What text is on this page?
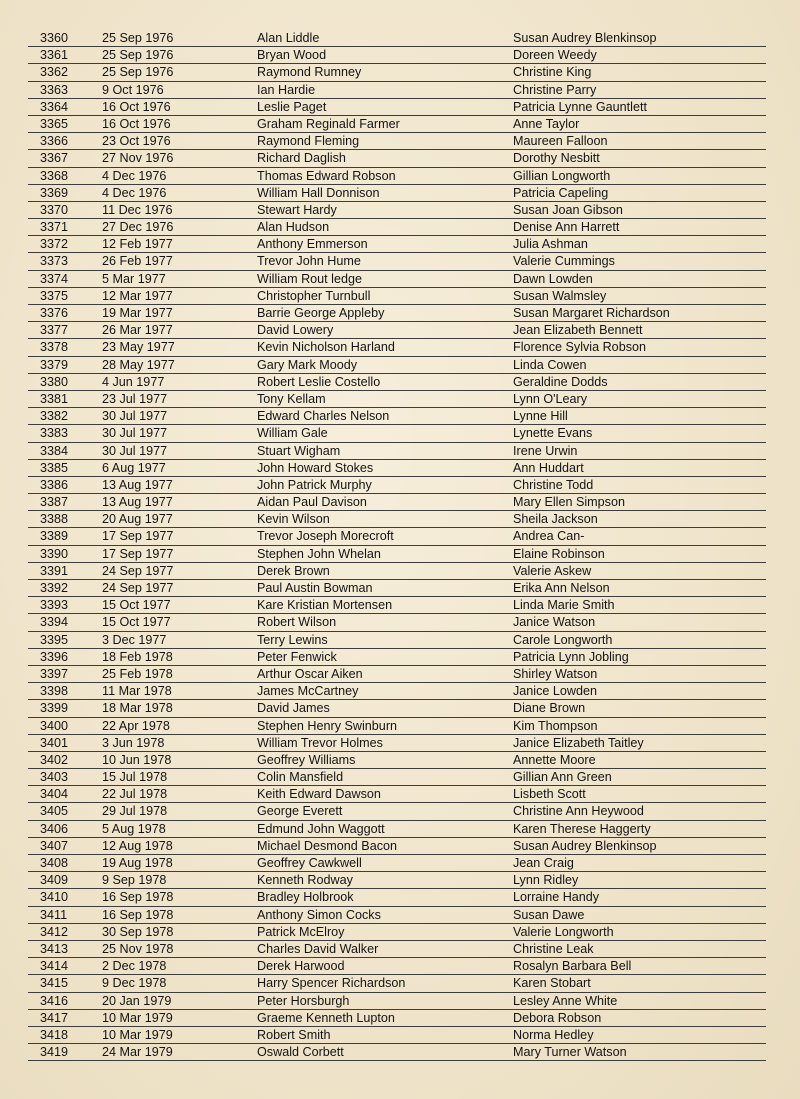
3360	25 Sep 1976	Alan Liddle	Susan Audrey Blenkinsop
3361	25 Sep 1976	Bryan Wood	Doreen Weedy
3362	25 Sep 1976	Raymond Rumney	Christine King
3363	9 Oct 1976	Ian Hardie	Christine Parry
3364	16 Oct 1976	Leslie Paget	Patricia Lynne Gauntlett
3365	16 Oct 1976	Graham Reginald Farmer	Anne Taylor
3366	23 Oct 1976	Raymond Fleming	Maureen Falloon
3367	27 Nov 1976	Richard Daglish	Dorothy Nesbitt
3368	4 Dec 1976	Thomas Edward Robson	Gillian Longworth
3369	4 Dec 1976	William Hall Donnison	Patricia Capeling
3370	11 Dec 1976	Stewart Hardy	Susan Joan Gibson
3371	27 Dec 1976	Alan Hudson	Denise Ann Harrett
3372	12 Feb 1977	Anthony Emmerson	Julia Ashman
3373	26 Feb 1977	Trevor John Hume	Valerie Cummings
3374	5 Mar 1977	William Rout ledge	Dawn Lowden
3375	12 Mar 1977	Christopher Turnbull	Susan Walmsley
3376	19 Mar 1977	Barrie George Appleby	Susan Margaret Richardson
3377	26 Mar 1977	David Lowery	Jean Elizabeth Bennett
3378	23 May 1977	Kevin Nicholson Harland	Florence Sylvia Robson
3379	28 May 1977	Gary Mark Moody	Linda Cowen
3380	4 Jun 1977	Robert Leslie Costello	Geraldine Dodds
3381	23 Jul 1977	Tony Kellam	Lynn O'Leary
3382	30 Jul 1977	Edward Charles Nelson	Lynne Hill
3383	30 Jul 1977	William Gale	Lynette Evans
3384	30 Jul 1977	Stuart Wigham	Irene Urwin
3385	6 Aug 1977	John Howard Stokes	Ann Huddart
3386	13 Aug 1977	John Patrick Murphy	Christine Todd
3387	13 Aug 1977	Aidan Paul Davison	Mary Ellen Simpson
3388	20 Aug 1977	Kevin Wilson	Sheila Jackson
3389	17 Sep 1977	Trevor Joseph Morecroft	Andrea Can-
3390	17 Sep 1977	Stephen John Whelan	Elaine Robinson
3391	24 Sep 1977	Derek Brown	Valerie Askew
3392	24 Sep 1977	Paul Austin Bowman	Erika Ann Nelson
3393	15 Oct 1977	Kare Kristian Mortensen	Linda Marie Smith
3394	15 Oct 1977	Robert Wilson	Janice Watson
3395	3 Dec 1977	Terry Lewins	Carole Longworth
3396	18 Feb 1978	Peter Fenwick	Patricia Lynn Jobling
3397	25 Feb 1978	Arthur Oscar Aiken	Shirley Watson
3398	11 Mar 1978	James McCartney	Janice Lowden
3399	18 Mar 1978	David James	Diane Brown
3400	22 Apr 1978	Stephen Henry Swinburn	Kim Thompson
3401	3 Jun 1978	William Trevor Holmes	Janice Elizabeth Taitley
3402	10 Jun 1978	Geoffrey Williams	Annette Moore
3403	15 Jul 1978	Colin Mansfield	Gillian Ann Green
3404	22 Jul 1978	Keith Edward Dawson	Lisbeth Scott
3405	29 Jul 1978	George Everett	Christine Ann Heywood
3406	5 Aug 1978	Edmund John Waggott	Karen Therese Haggerty
3407	12 Aug 1978	Michael Desmond Bacon	Susan Audrey Blenkinsop
3408	19 Aug 1978	Geoffrey Cawkwell	Jean Craig
3409	9 Sep 1978	Kenneth Rodway	Lynn Ridley
3410	16 Sep 1978	Bradley Holbrook	Lorraine Handy
3411	16 Sep 1978	Anthony Simon Cocks	Susan Dawe
3412	30 Sep 1978	Patrick McElroy	Valerie Longworth
3413	25 Nov 1978	Charles David Walker	Christine Leak
3414	2 Dec 1978	Derek Harwood	Rosalyn Barbara Bell
3415	9 Dec 1978	Harry Spencer Richardson	Karen Stobart
3416	20 Jan 1979	Peter Horsburgh	Lesley Anne White
3417	10 Mar 1979	Graeme Kenneth Lupton	Debora Robson
3418	10 Mar 1979	Robert Smith	Norma Hedley
3419	24 Mar 1979	Oswald Corbett	Mary Turner Watson
